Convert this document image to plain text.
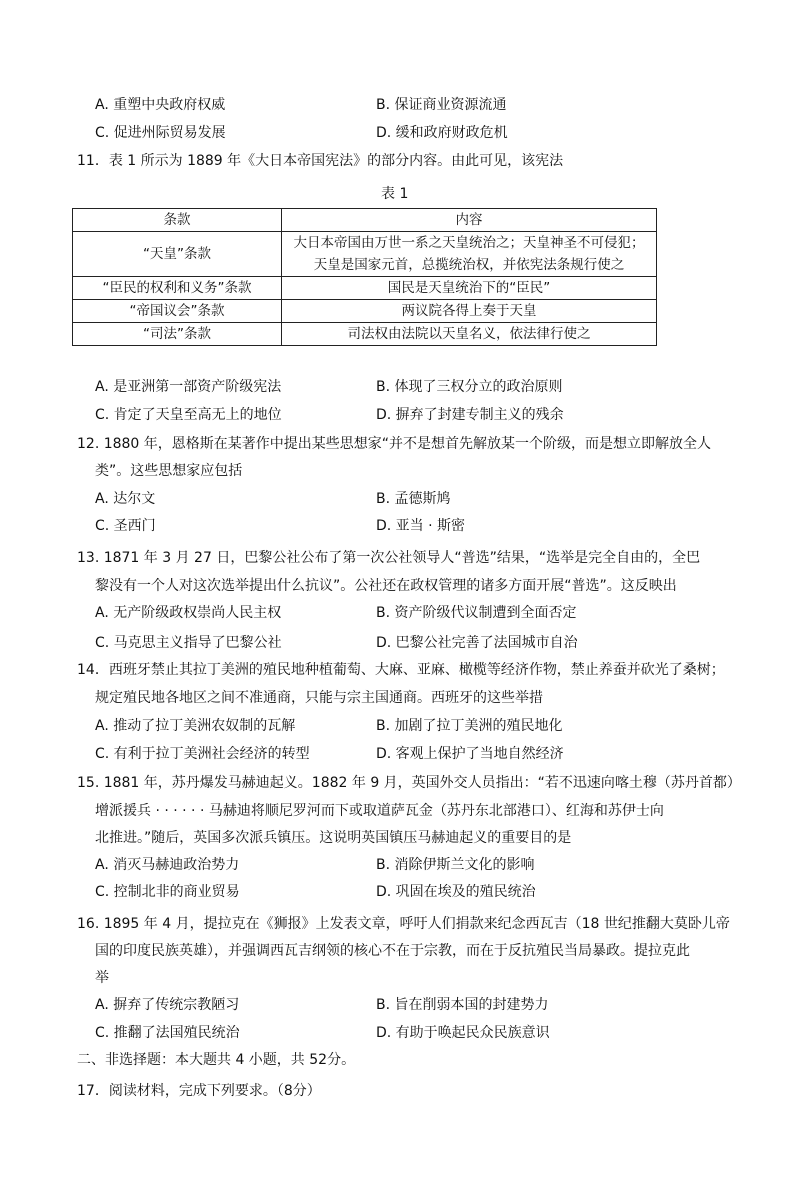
A. 重塑中央政府权威	B. 保证商业资源流通
C. 促进州际贸易发展	D. 缓和政府财政危机
11．表 1 所示为 1889 年《大日本帝国宪法》的部分内容。由此可见，该宪法
表 1
条款	内容
“天皇”条款	大日本帝国由万世一系之天皇统治之；天皇神圣不可侵犯；
天皇是国家元首，总揽统治权，并依宪法条规行使之

“臣民的权利和义务”条款	国民是天皇统治下的“臣民”
“帝国议会”条款	两议院各得上奏于天皇
“司法”条款	司法权由法院以天皇名义，依法律行使之
A. 是亚洲第一部资产阶级宪法	B. 体现了三权分立的政治原则
C. 肯定了天皇至高无上的地位	D. 摒弃了封建专制主义的残余
12. 1880 年，恩格斯在某著作中提出某些思想家“并不是想首先解放某一个阶级，而是想立即解放全人
类”。这些思想家应包括
A. 达尔文	B. 孟德斯鸠
C. 圣西门	D. 亚当 · 斯密
13. 1871 年 3 月 27 日，巴黎公社公布了第一次公社领导人“普选”结果，“选举是完全自由的，全巴
黎没有一个人对这次选举提出什么抗议”。公社还在政权管理的诸多方面开展“普选”。这反映出
A. 无产阶级政权崇尚人民主权	B. 资产阶级代议制遭到全面否定
C. 马克思主义指导了巴黎公社	D. 巴黎公社完善了法国城市自治
14．西班牙禁止其拉丁美洲的殖民地种植葡萄、大麻、亚麻、橄榄等经济作物，禁止养蚕并砍光了桑树；
规定殖民地各地区之间不准通商，只能与宗主国通商。西班牙的这些举措
A. 推动了拉丁美洲农奴制的瓦解	B. 加剧了拉丁美洲的殖民地化
C. 有利于拉丁美洲社会经济的转型	D. 客观上保护了当地自然经济
15. 1881 年，苏丹爆发马赫迪起义。1882 年 9 月，英国外交人员指出：“若不迅速向喀土穆（苏丹首都）
增派援兵 · · · · · · 马赫迪将顺尼罗河而下或取道萨瓦金（苏丹东北部港口）、红海和苏伊士向
北推进。”随后，英国多次派兵镇压。这说明英国镇压马赫迪起义的重要目的是
A. 消灭马赫迪政治势力	B. 消除伊斯兰文化的影响
C. 控制北非的商业贸易	D. 巩固在埃及的殖民统治
16. 1895 年 4 月，提拉克在《狮报》上发表文章，呼吁人们捐款来纪念西瓦吉（18 世纪推翻大莫卧儿帝
国的印度民族英雄），并强调西瓦吉纲领的核心不在于宗教，而在于反抗殖民当局暴政。提拉克此
举
A. 摒弃了传统宗教陋习	B. 旨在削弱本国的封建势力
C. 推翻了法国殖民统治	D. 有助于唤起民众民族意识
二、非选择题：本大题共 4 小题，共 52分。
17．阅读材料，完成下列要求。（8分）
